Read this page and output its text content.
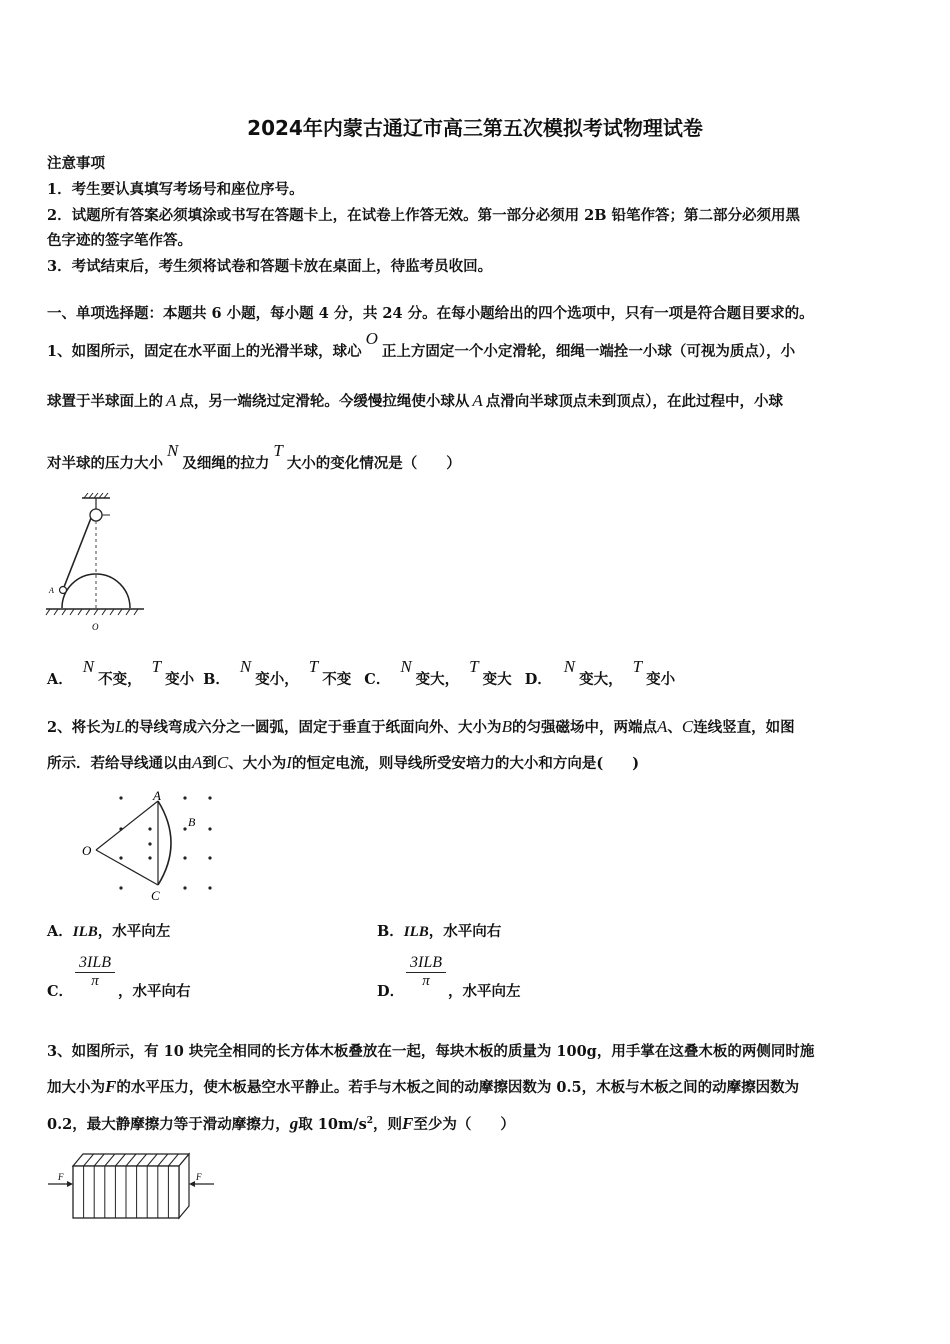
2024年内蒙古通辽市高三第五次模拟考试物理试卷
注意事项
1．考生要认真填写考场号和座位序号。
2．试题所有答案必须填涂或书写在答题卡上，在试卷上作答无效。第一部分必须用 2B 铅笔作答；第二部分必须用黑
色字迹的签字笔作答。
3．考试结束后，考生须将试卷和答题卡放在桌面上，待监考员收回。
一、单项选择题：本题共 6 小题，每小题 4 分，共 24 分。在每小题给出的四个选项中，只有一项是符合题目要求的。
1、如图所示，固定在水平面上的光滑半球，球心O正上方固定一个小定滑轮，细绳一端拴一小球（可视为质点），小
球置于半球面上的 A 点，另一端绕过定滑轮。今缓慢拉绳使小球从 A 点滑向半球顶点未到顶点），在此过程中，小球
对半球的压力大小N及细绳的拉力T大小的变化情况是（　　）
A
O
A．N不变，T变小 B．N变小，T不变 C．N变大，T变大 D．N变大，T变小
2、将长为L的导线弯成六分之一圆弧，固定于垂直于纸面向外、大小为B的匀强磁场中，两端点A、C连线竖直，如图
所示．若给导线通以由A到C、大小为I的恒定电流，则导线所受安培力的大小和方向是(　　)
A
B
C
O
A．ILB，水平向左	B．ILB，水平向右
C．
3ILB
π
，水平向右	D．
3ILB
π
，水平向左
3、如图所示，有 10 块完全相同的长方体木板叠放在一起，每块木板的质量为 100g，用手掌在这叠木板的两侧同时施
加大小为F的水平压力，使木板悬空水平静止。若手与木板之间的动摩擦因数为 0.5，木板与木板之间的动摩擦因数为
0.2，最大静摩擦力等于滑动摩擦力，g取 $10m/s^2$，则F至少为（　　）
F	F
